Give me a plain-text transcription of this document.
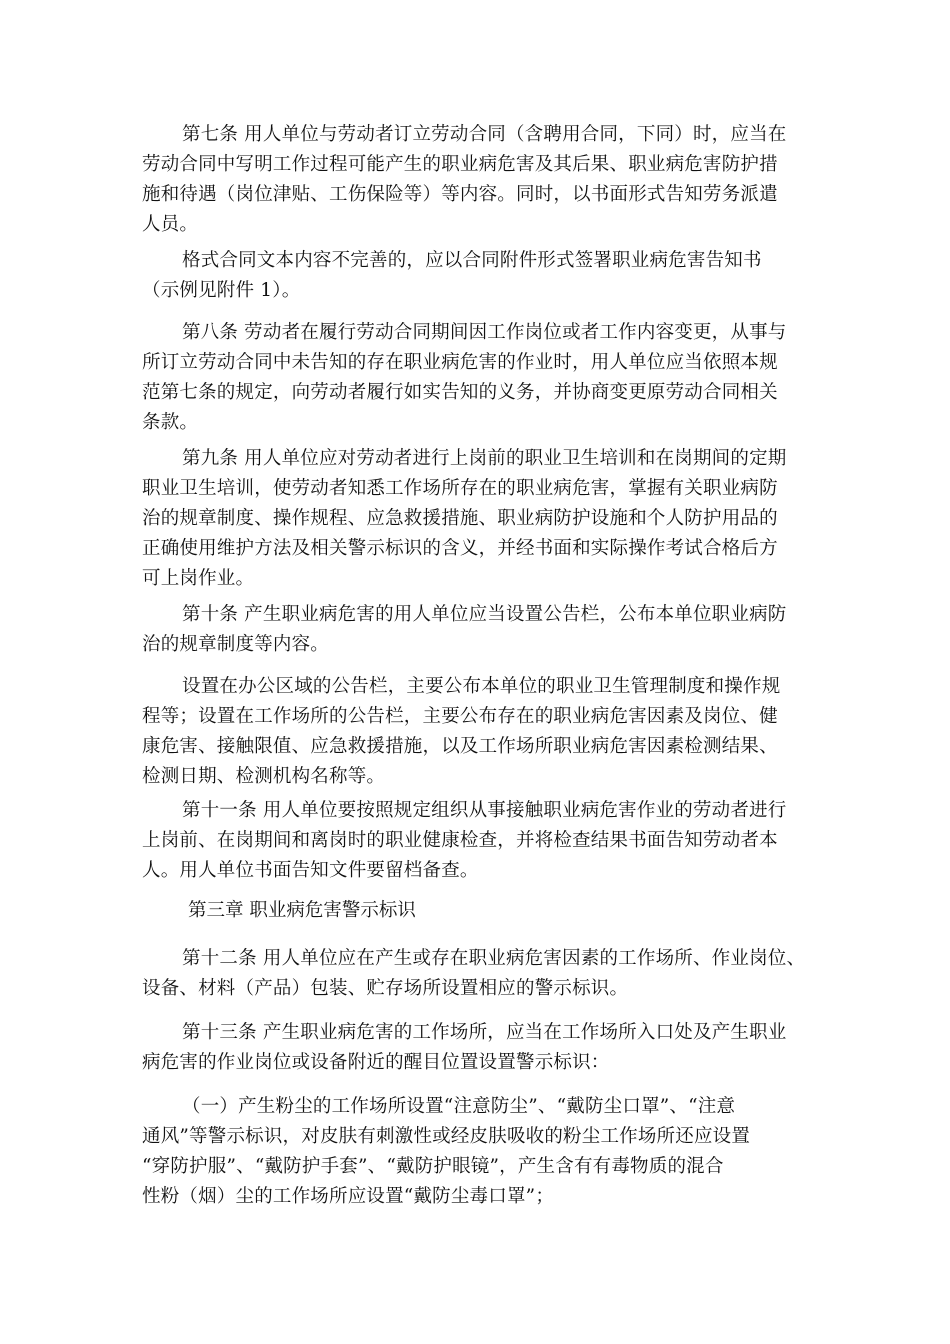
第七条 用人单位与劳动者订立劳动合同（含聘用合同，下同）时，应当在
劳动合同中写明工作过程可能产生的职业病危害及其后果、职业病危害防护措
施和待遇（岗位津贴、工伤保险等）等内容。同时，以书面形式告知劳务派遣
人员。
格式合同文本内容不完善的，应以合同附件形式签署职业病危害告知书
（示例见附件 1）。
第八条 劳动者在履行劳动合同期间因工作岗位或者工作内容变更，从事与
所订立劳动合同中未告知的存在职业病危害的作业时，用人单位应当依照本规
范第七条的规定，向劳动者履行如实告知的义务，并协商变更原劳动合同相关
条款。
第九条 用人单位应对劳动者进行上岗前的职业卫生培训和在岗期间的定期
职业卫生培训，使劳动者知悉工作场所存在的职业病危害，掌握有关职业病防
治的规章制度、操作规程、应急救援措施、职业病防护设施和个人防护用品的
正确使用维护方法及相关警示标识的含义，并经书面和实际操作考试合格后方
可上岗作业。
第十条 产生职业病危害的用人单位应当设置公告栏，公布本单位职业病防
治的规章制度等内容。
设置在办公区域的公告栏，主要公布本单位的职业卫生管理制度和操作规
程等；设置在工作场所的公告栏，主要公布存在的职业病危害因素及岗位、健
康危害、接触限值、应急救援措施，以及工作场所职业病危害因素检测结果、
检测日期、检测机构名称等。
第十一条 用人单位要按照规定组织从事接触职业病危害作业的劳动者进行
上岗前、在岗期间和离岗时的职业健康检查，并将检查结果书面告知劳动者本
人。用人单位书面告知文件要留档备查。
第三章 职业病危害警示标识
第十二条 用人单位应在产生或存在职业病危害因素的工作场所、作业岗位、
设备、材料（产品）包装、贮存场所设置相应的警示标识。
第十三条 产生职业病危害的工作场所，应当在工作场所入口处及产生职业
病危害的作业岗位或设备附近的醒目位置设置警示标识：
（一）产生粉尘的工作场所设置“注意防尘”、“戴防尘口罩”、“注意
通风”等警示标识，对皮肤有刺激性或经皮肤吸收的粉尘工作场所还应设置
“穿防护服”、“戴防护手套”、“戴防护眼镜”，产生含有有毒物质的混合
性粉（烟）尘的工作场所应设置“戴防尘毒口罩”；
